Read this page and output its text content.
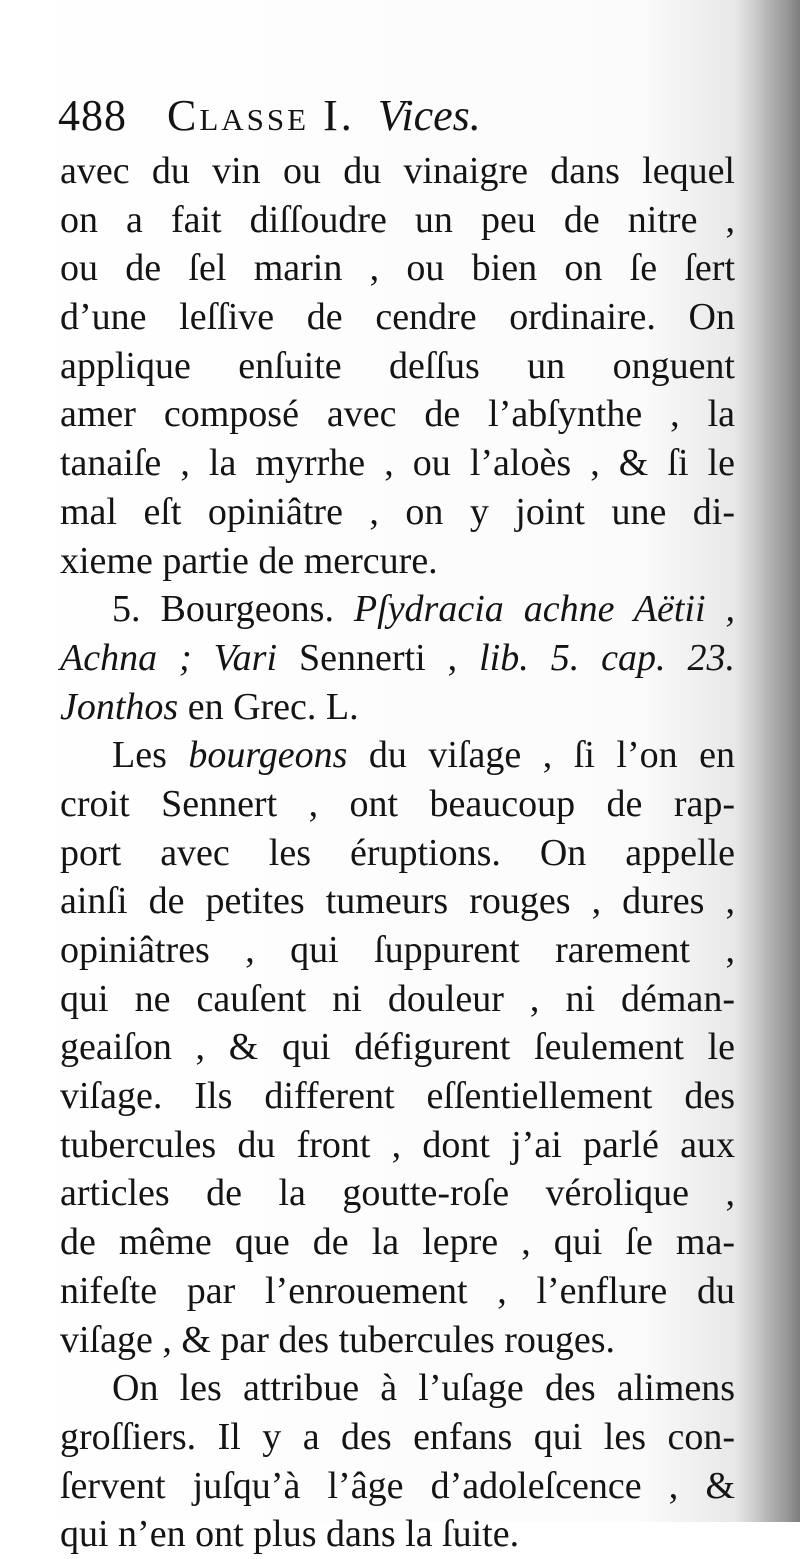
488 Classe I. Vices.
avec du vin ou du vinaigre dans lequel
on a fait diſſoudre un peu de nitre ,
ou de ſel marin , ou bien on ſe ſert
d’une leſſive de cendre ordinaire. On
applique enſuite deſſus un onguent
amer composé avec de l’abſynthe , la
tanaiſe , la myrrhe , ou l’aloès , & ſi le
mal eſt opiniâtre , on y joint une di-
xieme partie de mercure.
5. Bourgeons. Pſydracia achne Aëtii ,
Achna ; Vari Sennerti , lib. 5. cap. 23.
Jonthos en Grec. L.
Les bourgeons du viſage , ſi l’on en
croit Sennert , ont beaucoup de rap-
port avec les éruptions. On appelle
ainſi de petites tumeurs rouges , dures ,
opiniâtres , qui ſuppurent rarement ,
qui ne cauſent ni douleur , ni déman-
geaiſon , & qui défigurent ſeulement le
viſage. Ils different eſſentiellement des
tubercules du front , dont j’ai parlé aux
articles de la goutte-roſe vérolique ,
de même que de la lepre , qui ſe ma-
nifeſte par l’enrouement , l’enflure du
viſage , & par des tubercules rouges.
On les attribue à l’uſage des alimens
groſſiers. Il y a des enfans qui les con-
ſervent juſqu’à l’âge d’adoleſcence , &
qui n’en ont plus dans la ſuite.
